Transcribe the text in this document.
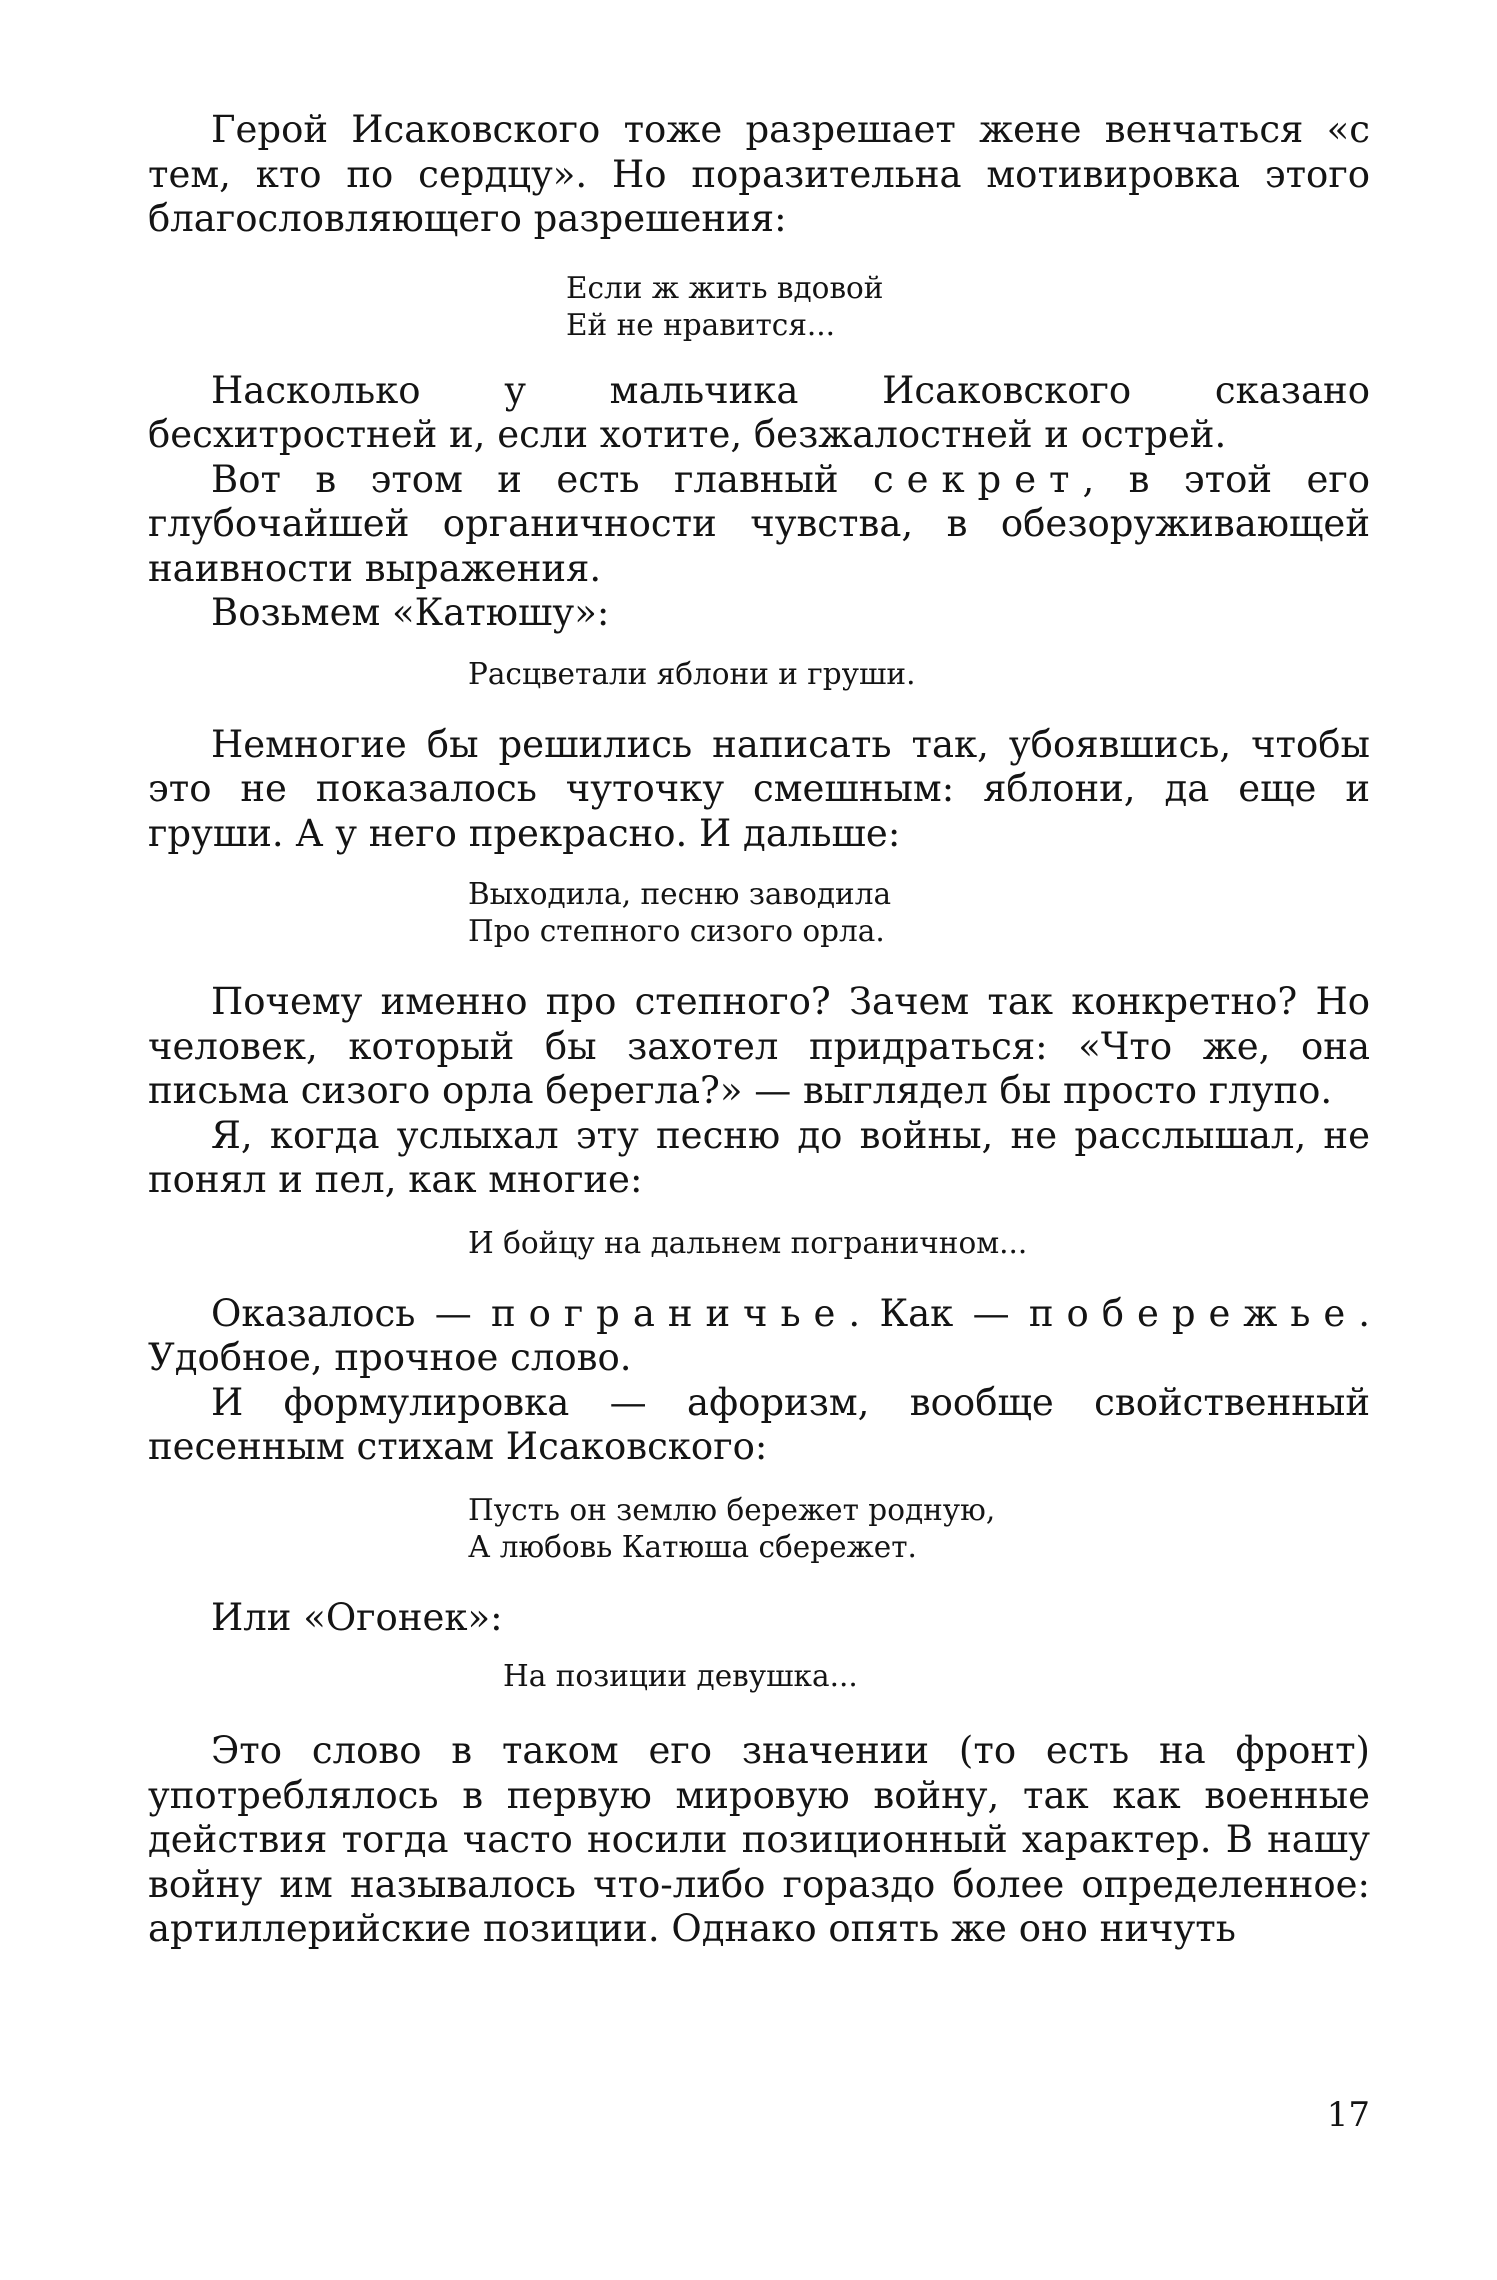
Герой Исаковского тоже разрешает жене венчаться «с тем, кто по сердцу». Но поразительна мотивировка этого благословляющего разрешения:

Если ж жить вдовой
Ей не нравится...

Насколько у мальчика Исаковского сказано бесхитростней и, если хотите, безжалостней и острей.

Вот в этом и есть главный секрет, в этой его глубочайшей органичности чувства, в обезоруживающей наивности выражения.

Возьмем «Катюшу»:

Расцветали яблони и груши.

Немногие бы решились написать так, убоявшись, чтобы это не показалось чуточку смешным: яблони, да еще и груши. А у него прекрасно. И дальше:

Выходила, песню заводила
Про степного сизого орла.

Почему именно про степного? Зачем так конкретно? Но человек, который бы захотел придраться: «Что же, она письма сизого орла берегла?» — выглядел бы просто глупо.

Я, когда услыхал эту песню до войны, не расслышал, не понял и пел, как многие:

И бойцу на дальнем пограничном...

Оказалось — пограничье. Как — побережье. Удобное, прочное слово.

И формулировка — афоризм, вообще свойственный песенным стихам Исаковского:

Пусть он землю бережет родную,
А любовь Катюша сбережет.

Или «Огонек»:

На позиции девушка...

Это слово в таком его значении (то есть на фронт) употреблялось в первую мировую войну, так как военные действия тогда часто носили позиционный характер. В нашу войну им называлось что-либо гораздо более определенное: артиллерийские позиции. Однако опять же оно ничуть

17
